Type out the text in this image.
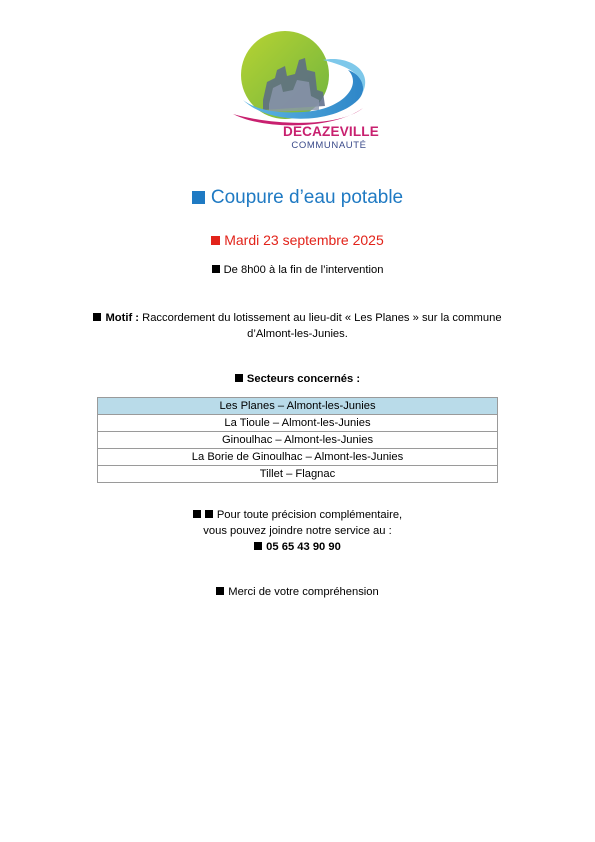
DECAZEVILLE
COMMUNAUTÉ
Coupure d’eau potable
Mardi 23 septembre 2025
De 8h00 à la fin de l’intervention
Motif : Raccordement du lotissement au lieu-dit « Les Planes » sur la commune
d’Almont-les-Junies.
Secteurs concernés :
Les Planes – Almont-les-Junies
La Tioule – Almont-les-Junies
Ginoulhac – Almont-les-Junies
La Borie de Ginoulhac – Almont-les-Junies
Tillet – Flagnac
Pour toute précision complémentaire,
vous pouvez joindre notre service au :
05 65 43 90 90
Merci de votre compréhension
